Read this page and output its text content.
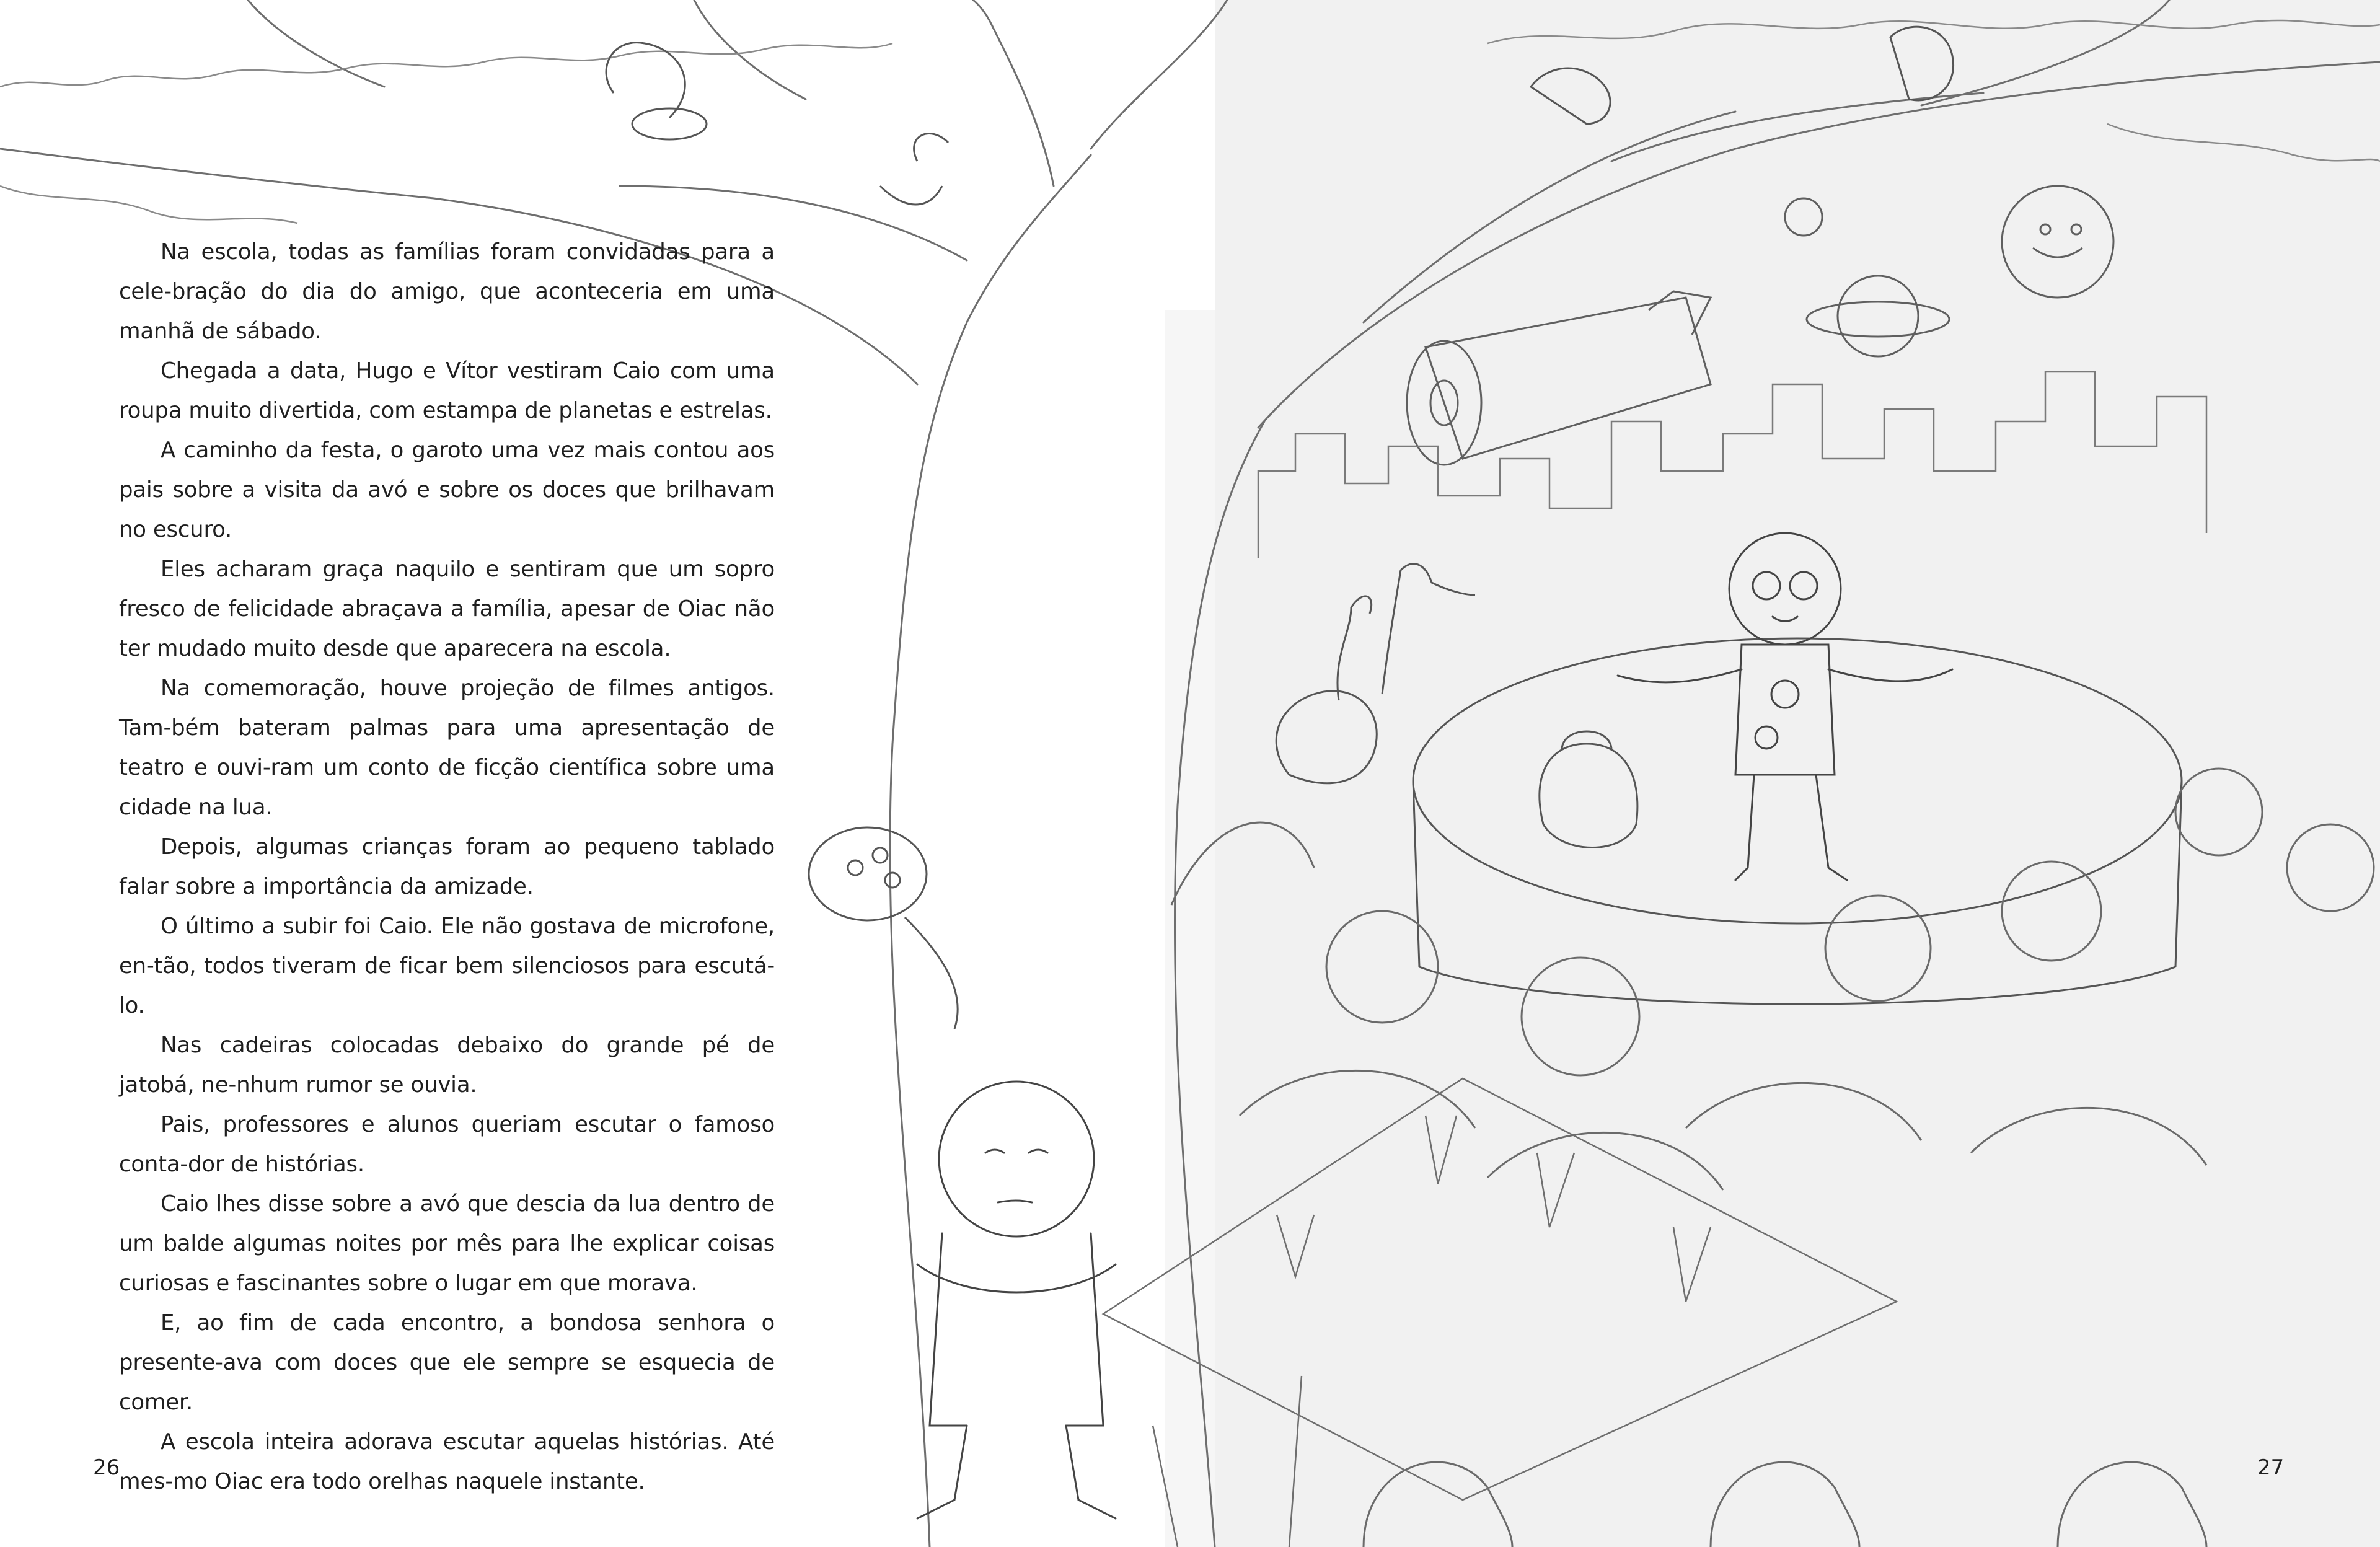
Na escola, todas as famílias foram convidadas para a cele-bração do dia do amigo, que aconteceria em uma manhã de sábado.

Chegada a data, Hugo e Vítor vestiram Caio com uma roupa muito divertida, com estampa de planetas e estrelas.

A caminho da festa, o garoto uma vez mais contou aos pais sobre a visita da avó e sobre os doces que brilhavam no escuro.

Eles acharam graça naquilo e sentiram que um sopro fresco de felicidade abraçava a família, apesar de Oiac não ter mudado muito desde que aparecera na escola.

Na comemoração, houve projeção de filmes antigos. Tam-bém bateram palmas para uma apresentação de teatro e ouvi-ram um conto de ficção científica sobre uma cidade na lua.

Depois, algumas crianças foram ao pequeno tablado falar sobre a importância da amizade.

O último a subir foi Caio. Ele não gostava de microfone, en-tão, todos tiveram de ficar bem silenciosos para escutá-lo.

Nas cadeiras colocadas debaixo do grande pé de jatobá, ne-nhum rumor se ouvia.

Pais, professores e alunos queriam escutar o famoso conta-dor de histórias.

Caio lhes disse sobre a avó que descia da lua dentro de um balde algumas noites por mês para lhe explicar coisas curiosas e fascinantes sobre o lugar em que morava.

E, ao fim de cada encontro, a bondosa senhora o presente-ava com doces que ele sempre se esquecia de comer.

A escola inteira adorava escutar aquelas histórias. Até mes-mo Oiac era todo orelhas naquele instante.

26	27
